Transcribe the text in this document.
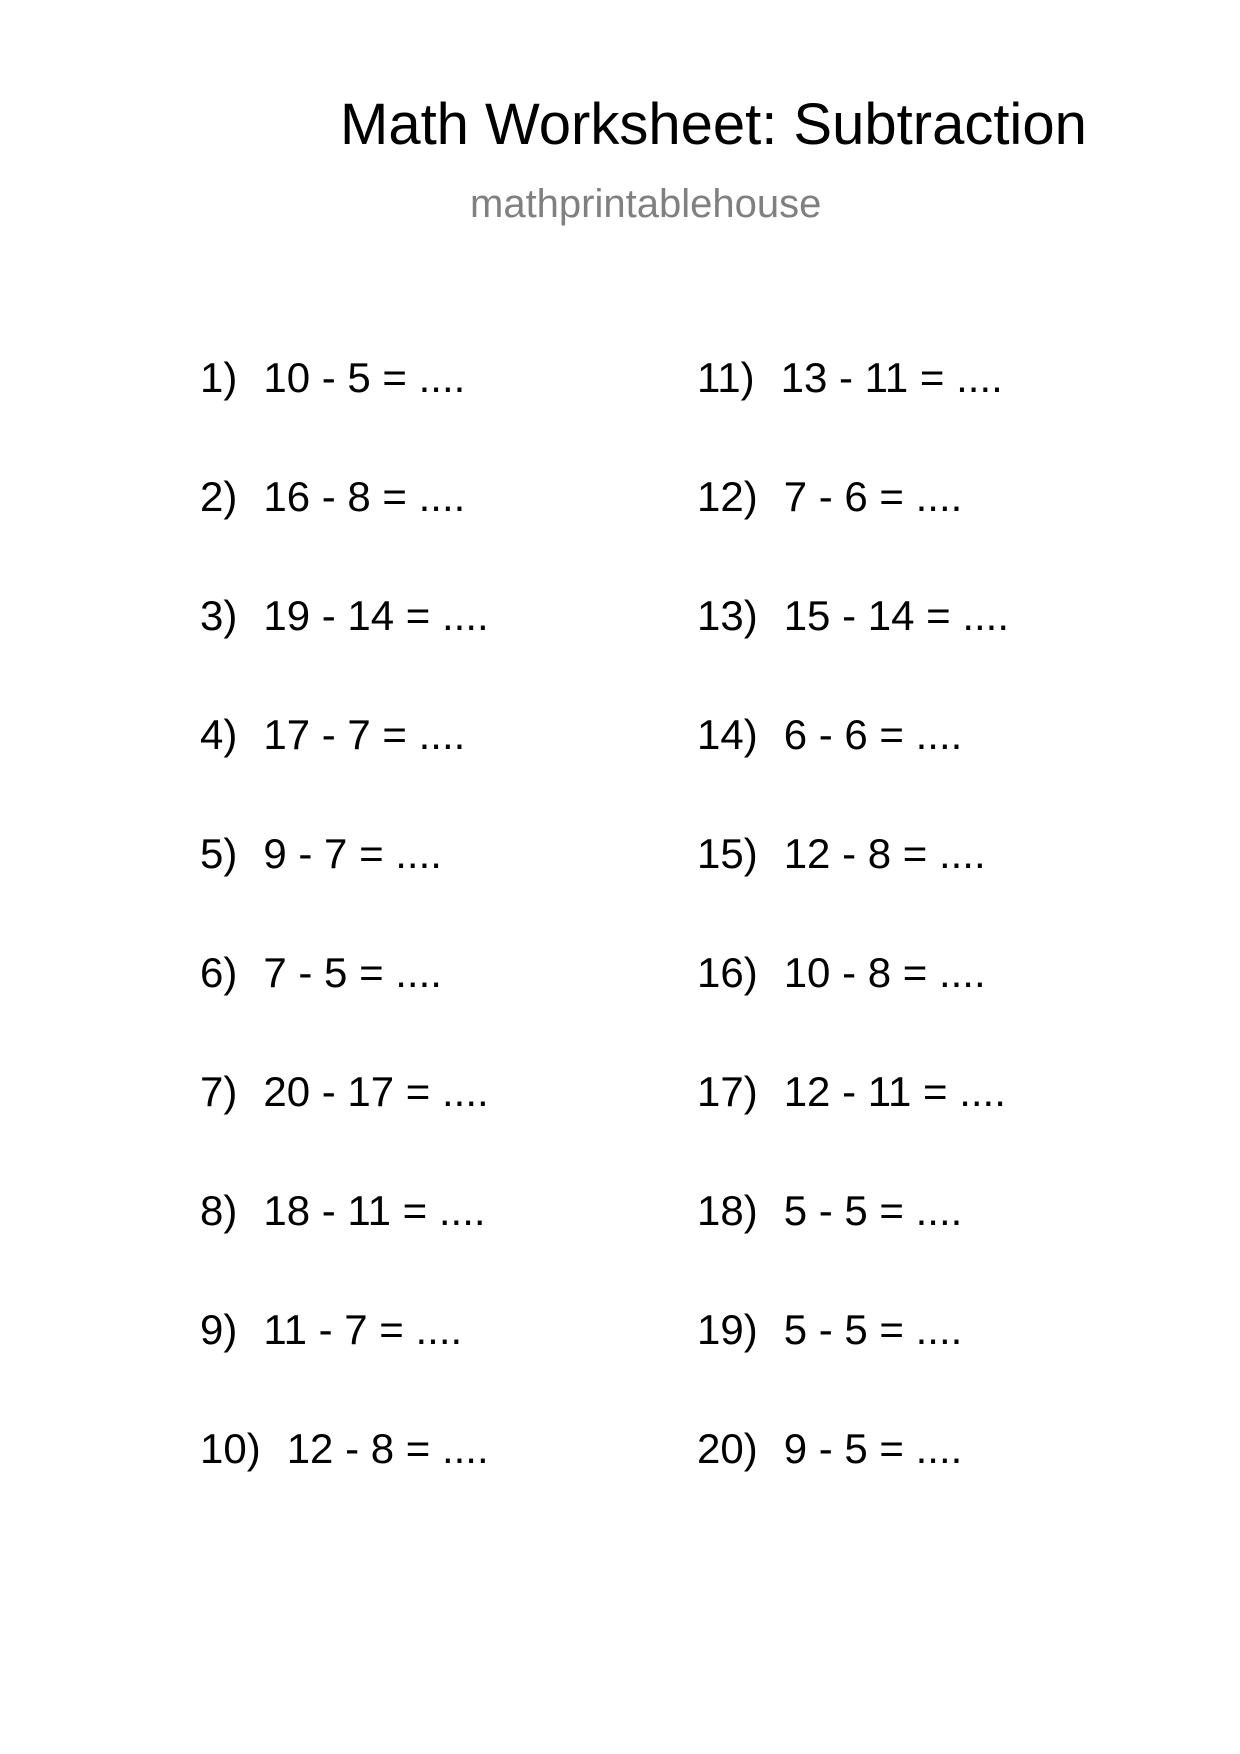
Math Worksheet: Subtraction
mathprintablehouse
1) 10 - 5 = ....
2) 16 - 8 = ....
3) 19 - 14 = ....
4) 17 - 7 = ....
5) 9 - 7 = ....
6) 7 - 5 = ....
7) 20 - 17 = ....
8) 18 - 11 = ....
9) 11 - 7 = ....
10) 12 - 8 = ....
11) 13 - 11 = ....
12) 7 - 6 = ....
13) 15 - 14 = ....
14) 6 - 6 = ....
15) 12 - 8 = ....
16) 10 - 8 = ....
17) 12 - 11 = ....
18) 5 - 5 = ....
19) 5 - 5 = ....
20) 9 - 5 = ....
